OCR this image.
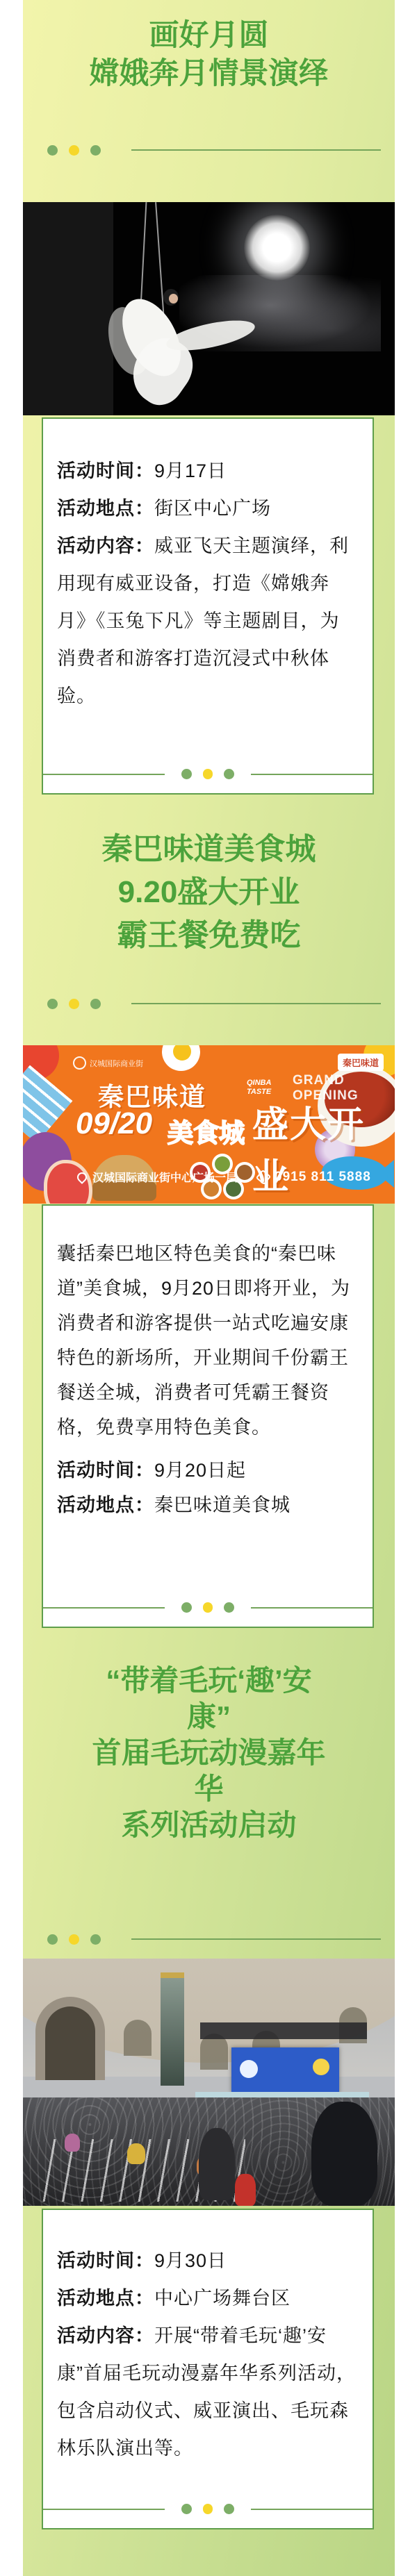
画好月圆
嫦娥奔月情景演绎
活动时间：9月17日
活动地点：街区中心广场
活动内容：威亚飞天主题演绎，利用现有威亚设备，打造《嫦娥奔月》《玉兔下凡》等主题剧目，为消费者和游客打造沉浸式中秋体验。
秦巴味道美食城
9.20盛大开业
霸王餐免费吃
汉城国际商业街	秦巴味道
秦巴味道	QINBA
TASTE
GRAND OPENING
09/20 美食城 盛大开业
汉城国际商业街中心广场一层	0915 811 5888
囊括秦巴地区特色美食的“秦巴味道”美食城，9月20日即将开业，为消费者和游客提供一站式吃遍安康特色的新场所，开业期间千份霸王餐送全城，消费者可凭霸王餐资格，免费享用特色美食。
活动时间：9月20日起
活动地点：秦巴味道美食城
“带着毛玩‘趣’安
康”
首届毛玩动漫嘉年
华
系列活动启动
活动时间：9月30日
活动地点：中心广场舞台区
活动内容：开展“带着毛玩‘趣’安康”首届毛玩动漫嘉年华系列活动，包含启动仪式、威亚演出、毛玩森林乐队演出等。
